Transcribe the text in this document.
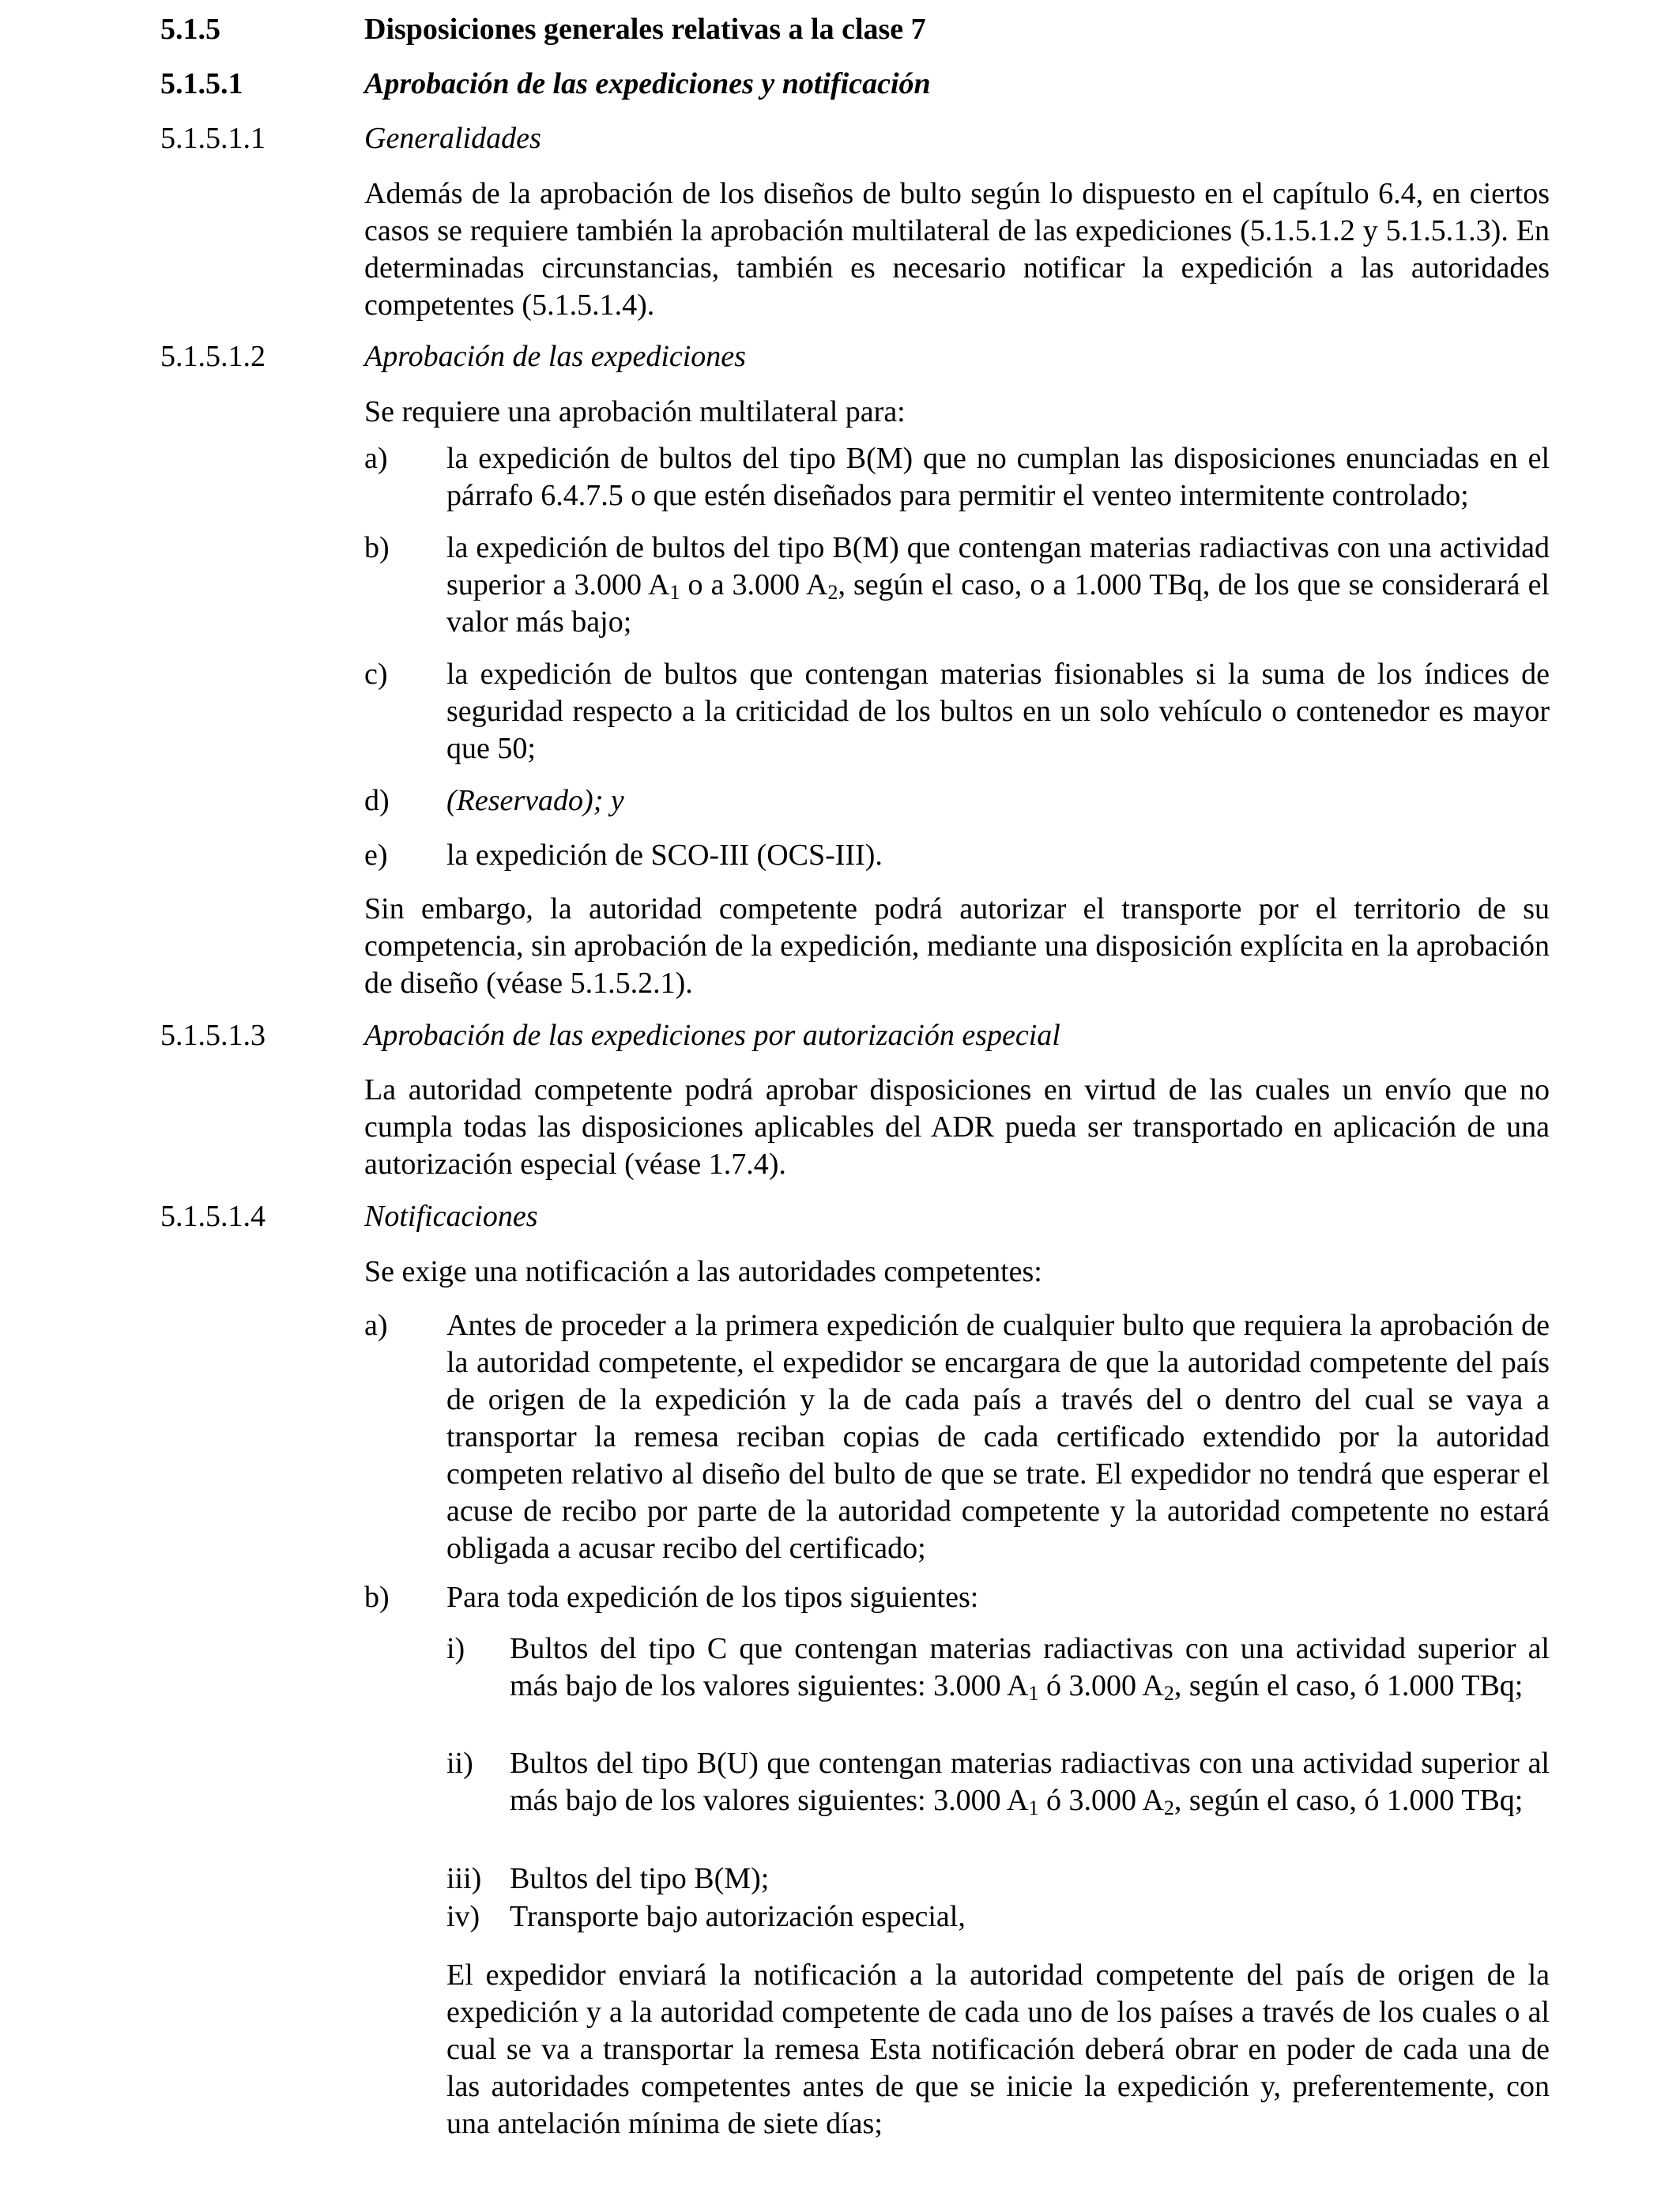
5.1.5	Disposiciones generales relativas a la clase 7
5.1.5.1	Aprobación de las expediciones y notificación
5.1.5.1.1	Generalidades
Además de la aprobación de los diseños de bulto según lo dispuesto en el capítulo 6.4, en ciertos casos se requiere también la aprobación multilateral de las expediciones (5.1.5.1.2 y 5.1.5.1.3). En determinadas circunstancias, también es necesario notificar la expedición a las autoridades competentes (5.1.5.1.4).
5.1.5.1.2	Aprobación de las expediciones
Se requiere una aprobación multilateral para:
a) la expedición de bultos del tipo B(M) que no cumplan las disposiciones enunciadas en el párrafo 6.4.7.5 o que estén diseñados para permitir el venteo intermitente controlado;
b) la expedición de bultos del tipo B(M) que contengan materias radiactivas con una actividad superior a 3.000 $A_1$ o a 3.000 $A_2$, según el caso, o a 1.000 TBq, de los que se considerará el valor más bajo;
c) la expedición de bultos que contengan materias fisionables si la suma de los índices de seguridad respecto a la criticidad de los bultos en un solo vehículo o contenedor es mayor que 50;
d) (Reservado); y
e) la expedición de SCO-III (OCS-III).
Sin embargo, la autoridad competente podrá autorizar el transporte por el territorio de su competencia, sin aprobación de la expedición, mediante una disposición explícita en la aprobación de diseño (véase 5.1.5.2.1).
5.1.5.1.3	Aprobación de las expediciones por autorización especial
La autoridad competente podrá aprobar disposiciones en virtud de las cuales un envío que no cumpla todas las disposiciones aplicables del ADR pueda ser transportado en aplicación de una autorización especial (véase 1.7.4).
5.1.5.1.4	Notificaciones
Se exige una notificación a las autoridades competentes:
a) Antes de proceder a la primera expedición de cualquier bulto que requiera la aprobación de la autoridad competente, el expedidor se encargara de que la autoridad competente del país de origen de la expedición y la de cada país a través del o dentro del cual se vaya a transportar la remesa reciban copias de cada certificado extendido por la autoridad competen relativo al diseño del bulto de que se trate. El expedidor no tendrá que esperar el acuse de recibo por parte de la autoridad competente y la autoridad competente no estará obligada a acusar recibo del certificado;
b) Para toda expedición de los tipos siguientes:
i) Bultos del tipo C que contengan materias radiactivas con una actividad superior al más bajo de los valores siguientes: 3.000 $A_1$ ó 3.000 $A_2$, según el caso, ó 1.000 TBq;
ii) Bultos del tipo B(U) que contengan materias radiactivas con una actividad superior al más bajo de los valores siguientes: 3.000 $A_1$ ó 3.000 $A_2$, según el caso, ó 1.000 TBq;
iii) Bultos del tipo B(M);
iv) Transporte bajo autorización especial,
El expedidor enviará la notificación a la autoridad competente del país de origen de la expedición y a la autoridad competente de cada uno de los países a través de los cuales o al cual se va a transportar la remesa Esta notificación deberá obrar en poder de cada una de las autoridades competentes antes de que se inicie la expedición y, preferentemente, con una antelación mínima de siete días;
